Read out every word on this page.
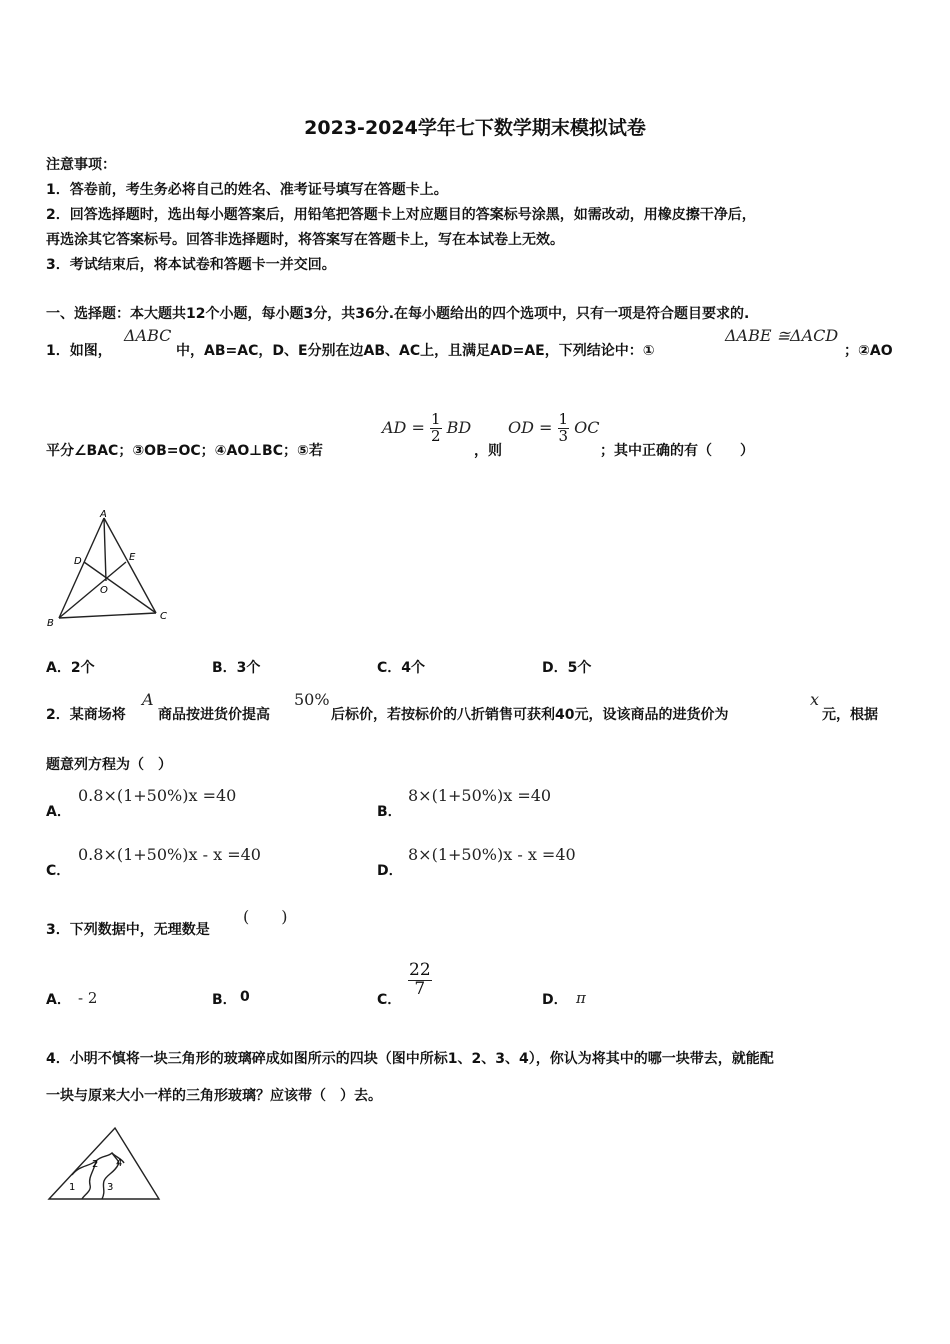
2023-2024学年七下数学期末模拟试卷
注意事项：
1．答卷前，考生务必将自己的姓名、准考证号填写在答题卡上。
2．回答选择题时，选出每小题答案后，用铅笔把答题卡上对应题目的答案标号涂黑，如需改动，用橡皮擦干净后，
再选涂其它答案标号。回答非选择题时，将答案写在答题卡上，写在本试卷上无效。
3．考试结束后，将本试卷和答题卡一并交回。
一、选择题：本大题共12个小题，每小题3分，共36分.在每小题给出的四个选项中，只有一项是符合题目要求的.
1．如图，
ΔABC
中，AB=AC，D、E分别在边AB、AC上，且满足AD=AE，下列结论中：①
ΔABE ≅ΔACD
；②AO
平分∠BAC；③OB=OC；④AO⊥BC；⑤若
AD = $\frac{1}{2}$ BD
，则
OD = $\frac{1}{3}$ OC
；其中正确的有（　　）
A
D	E
O
B
C
A．2个	B．3个	C．4个	D．5个
2．某商场将
A
商品按进货价提高
50%
后标价，若按标价的八折销售可获利40元，设该商品的进货价为
x
元，根据
题意列方程为（　）
A．
0.8×(1+50%)x =40
B．
8×(1+50%)x =40
C．
0.8×(1+50%)x - x =40
D．
8×(1+50%)x - x =40
3．下列数据中，无理数是
(　　)
A． - 2	B． 0	C．
$\frac{22}{7}$
D． π
4．小明不慎将一块三角形的玻璃碎成如图所示的四块（图中所标1、2、3、4），你认为将其中的哪一块带去，就能配
一块与原来大小一样的三角形玻璃？应该带（　）去。
1
2
3
4
